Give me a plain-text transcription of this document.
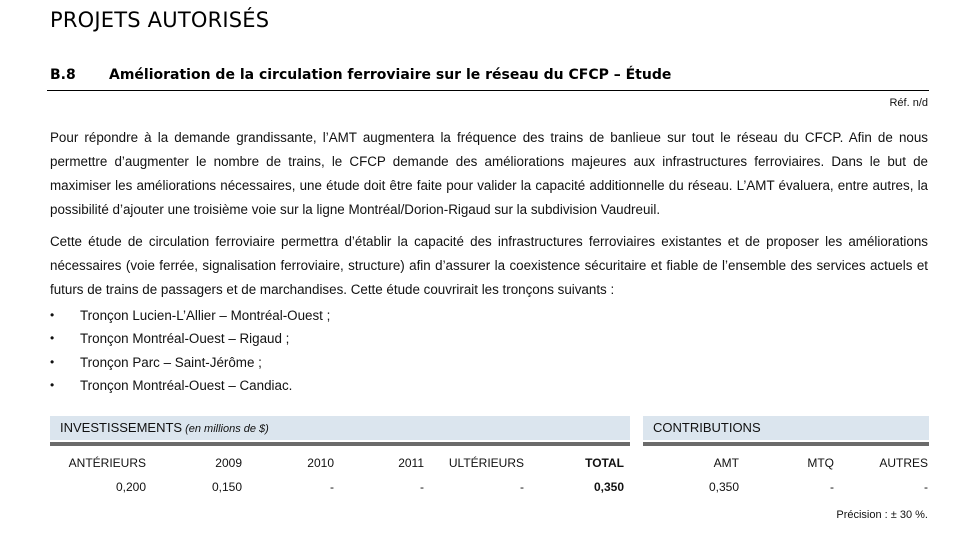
PROJETS AUTORISÉS
B.8 Amélioration de la circulation ferroviaire sur le réseau du CFCP – Étude
Réf. n/d

Pour répondre à la demande grandissante, l’AMT augmentera la fréquence des trains de banlieue sur tout le réseau du CFCP. Afin de nous permettre d’augmenter le nombre de trains, le CFCP demande des améliorations majeures aux infrastructures ferroviaires. Dans le but de maximiser les améliorations nécessaires, une étude doit être faite pour valider la capacité additionnelle du réseau. L’AMT évaluera, entre autres, la possibilité d’ajouter une troisième voie sur la ligne Montréal/Dorion-Rigaud sur la subdivision Vaudreuil.

Cette étude de circulation ferroviaire permettra d’établir la capacité des infrastructures ferroviaires existantes et de proposer les améliorations nécessaires (voie ferrée, signalisation ferroviaire, structure) afin d’assurer la coexistence sécuritaire et fiable de l’ensemble des services actuels et futurs de trains de passagers et de marchandises. Cette étude couvrirait les tronçons suivants :

• Tronçon Lucien-L’Allier – Montréal-Ouest ;
• Tronçon Montréal-Ouest – Rigaud ;
• Tronçon Parc – Saint-Jérôme ;
• Tronçon Montréal-Ouest – Candiac.
INVESTISSEMENTS (en millions de $)	CONTRIBUTIONS
ANTÉRIEURS	2009	2010	2011 ULTÉRIEURS	TOTAL	AMT	MTQ	AUTRES
0,200	0,150	-	-	-	0,350	0,350	-	-
Précision : ± 30 %.
